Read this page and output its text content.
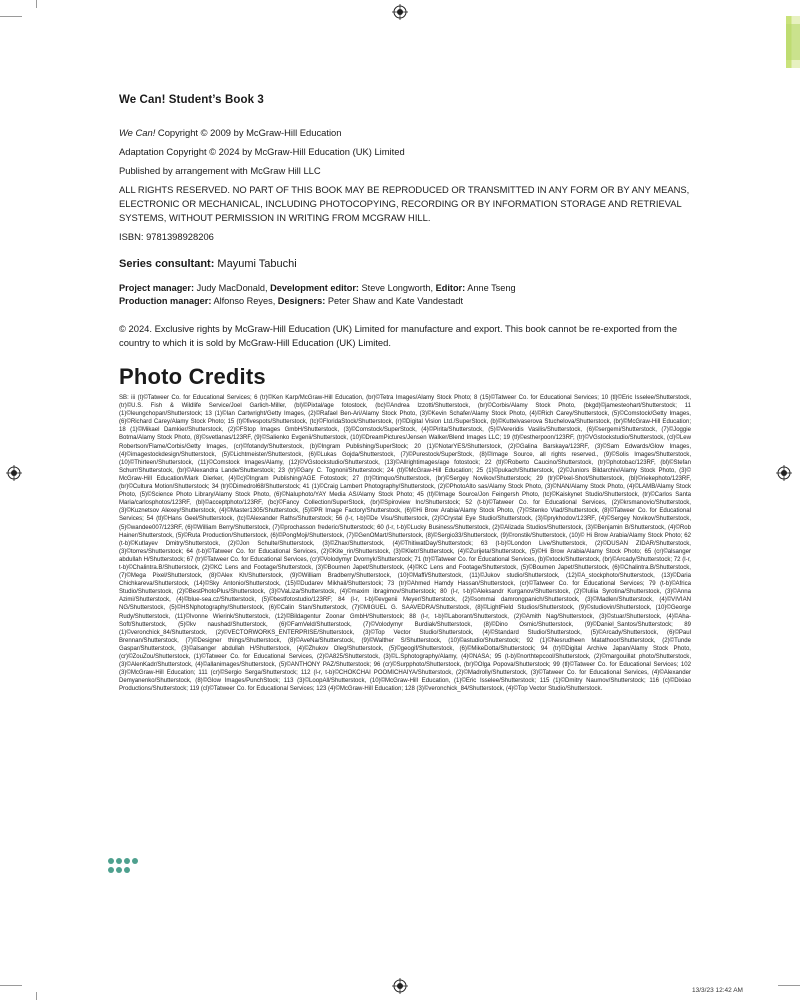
We Can! Student’s Book 3
We Can! Copyright © 2009 by McGraw-Hill Education
Adaptation Copyright © 2024 by McGraw-Hill Education (UK) Limited
Published by arrangement with McGraw Hill LLC
ALL RIGHTS RESERVED. NO PART OF THIS BOOK MAY BE REPRODUCED OR TRANSMITTED IN ANY FORM OR BY ANY MEANS, ELECTRONIC OR MECHANICAL, INCLUDING PHOTOCOPYING, RECORDING OR BY INFORMATION STORAGE AND RETRIEVAL SYSTEMS, WITHOUT PERMISSION IN WRITING FROM MCGRAW HILL.
ISBN: 9781398928206
Series consultant: Mayumi Tabuchi
Project manager: Judy MacDonald, Development editor: Steve Longworth, Editor: Anne Tseng
Production manager: Alfonso Reyes, Designers: Peter Shaw and Kate Vandestadt
© 2024. Exclusive rights by McGraw-Hill Education (UK) Limited for manufacture and export. This book cannot be re-exported from the country to which it is sold by McGraw-Hill Education (UK) Limited.
Photo Credits

SB: iii (t)©Tatweer Co. for Educational Services; 6 (tr)©Ken Karp/McGraw-Hill Education, (br)©Tetra Images/Alamy Stock Photo; 8 (15)©Tatweer Co. for Educational Services; 10 (tl)©Eric Isselee/Shutterstock, (tr)©U.S. Fish & Wildlife Service/Joel Garlich-Miller, (bl)©Pixtal/age fotostock, (bc)©Andrea Izzotti/Shutterstock, (br)©Corbis/Alamy Stock Photo, (bkgd)©jamesteohart/Shutterstock; 11 (1)©leungchopan/Shutterstock; 13 (1)©Ian Cartwright/Getty Images, (2)©Rafael Ben-Ari/Alamy Stock Photo, (3)©Kevin Schafer/Alamy Stock Photo, (4)©Rich Carey/Shutterstock, (5)©Comstock/Getty Images, (6)©Richard Carey/Alamy Stock Photo; 15 (t)©fivespots/Shutterstock, (tc)©FloridaStock/Shutterstock, (r)©Digital Vision Ltd./SuperStock, (b)©Kuttelvaserova Stuchelova/Shutterstock, (br)©McGraw-Hill Education; 18 (1)©Mikael Damkier/Shutterstock, (2)©FStop Images GmbH/Shutterstock, (3)©Comstock/SuperStock, (4)©Pirita/Shutterstock, (5)©Vereridis Vasilis/Shutterstock, (6)©sergemi/Shutterstock, (7)©Joggie Botma/Alamy Stock Photo, (8)©svetlanas/123RF, (9)©Salienko Evgenii/Shutterstock, (10)©DreamPictures/Jensen Walker/Blend Images LLC; 19 (tl)©estherpoon/123RF, (tr)©VGstockstudio/Shutterstock, (cl)©Lew Robertson/Flame/Corbis/Getty Images, (cr)©fotandy/Shutterstock, (b)©Ingram Publishing/SuperStock; 20 (1)©NotarYES/Shutterstock, (2)©Galina Barskaya/123RF, (3)©Sam Edwards/Glow Images, (4)©imagestockdesign/Shutterstock, (5)©Lichtmeister/Shutterstock, (6)©Lukas Gojda/Shutterstock, (7)©Purestock/SuperStock, (8)©Image Source, all rights reserved., (9)©Solis Images/Shutterstock, (10)©Thirteen/Shutterstock, (11)©Comstock Images/Alamy, (12)©VGstockstudio/Shutterstock, (13)©Allrightimages/age fotostock; 22 (tl)©Roberto Caucino/Shutterstock, (tr)©photobac/123RF, (bl)©Stefan Schurr/Shutterstock, (br)©Alexandra Lande/Shutterstock; 23 (tr)©Gary C. Tognoni/Shutterstock; 24 (tl)©McGraw-Hill Education; 25 (1)©pukach/Shutterstock, (2)©Juniors Bildarchiv/Alamy Stock Photo, (3)© McGraw-Hill Education/Mark Dierker, (4)©c)©Ingram Publishing/AGE Fotostock; 27 (tr)©timquo/Shutterstock, (br)©Sergey Novikov/Shutterstock; 29 (tr)©Pixel-Shot/Shutterstock, (bl)©riekephoto/123RF, (br)©Cultura Motion/Shutterstock; 34 (tr)©Dimedrol68/Shutterstock; 41 (1)©Craig Lambert Photography/Shutterstock, (2)©PhotoAlto sas/Alamy Stock Photo, (3)©NAN/Alamy Stock Photo, (4)©LAMB/Alamy Stock Photo, (5)©Science Photo Library/Alamy Stock Photo, (6)©Naluphoto/YAY Media AS/Alamy Stock Photo; 45 (tl)©Image Source/Jon Feingersh Photo, (tc)©Kaiskynet Studio/Shutterstock, (tr)©Carlos Santa Maria/carlosphotos/123RF, (bl)©acceptphoto/123RF, (bc)©Fancy Collection/SuperStock, (br)©Spiroview Inc/Shutterstock; 52 (t-b)©Tatweer Co. for Educational Services, (2)©krsmanovic/Shutterstock, (3)©Kuznetsov Alexey/Shutterstock, (4)©Master1305/Shutterstock, (5)©PR Image Factory/Shutterstock, (6)©Hi Brow Arabia/Alamy Stock Photo, (7)©Stenko Vlad/Shutterstock, (8)©Tatweer Co. for Educational Services; 54 (tl)©Hans Geel/Shutterstock, (tc)©Alexander Raths/Shutterstock; 56 (l-r, t-b)©De Visu/Shutterstock, (2)©Crystal Eye Studio/Shutterstock, (3)©prykhodov/123RF, (4)©Sergey Novikov/Shutterstock, (5)©wandee007/123RF, (6)©William Berry/Shutterstock, (7)©prochasson frederic/Shutterstock; 60 (l-r, t-b)©Lucky Business/Shutterstock, (2)©Alizada Studios/Shutterstock, (3)©Benjamin B/Shutterstock, (4)©Rob Hainer/Shutterstock, (5)©Ruta Production/Shutterstock, (6)©PongMoji/Shutterstock, (7)©GenOMart/Shutterstock, (8)©Sergio33/Shutterstock, (9)©ronstik/Shutterstock, (10)© Hi Brow Arabia/Alamy Stock Photo; 62 (t-b)©Kutlayev Dmitry/Shutterstock, (2)©Jon Schulte/Shutterstock, (3)©Zhax/Shutterstock, (4)©ThitiwatDay/Shutterstock; 63 (t-b)©London Live/Shutterstock, (2)©DUSAN ZIDAR/Shutterstock, (3)©torres/Shutterstock; 64 (t-b)©Tatweer Co. for Educational Services, (2)©Kite_rin/Shutterstock, (3)©Kletr/Shutterstock, (4)©Zurijeta/Shutterstock, (5)©Hi Brow Arabia/Alamy Stock Photo; 65 (cr)©alsanger abdullah H/Shutterstock; 67 (tr)©Tatweer Co. for Educational Services, (cr)©Volodymyr Dvornyk/Shutterstock; 71 (tr)©Tatweer Co. for Educational Services, (b)©xtock/Shutterstock, (br)©Arcady/Shutterstock; 72 (l-r, t-b)©Chalintra.B/Shutterstock, (2)©KC Lens and Footage/Shutterstock, (3)©Boumen Japet/Shutterstock, (4)©KC Lens and Footage/Shutterstock, (5)©Boumen Japet/Shutterstock, (6)©Chalintra.B/Shutterstock, (7)©Mega Pixel/Shutterstock, (8)©Alex Kh/Shutterstock, (9)©William Bradberry/Shutterstock, (10)©Maffi/Shutterstock, (11)©Jukov studio/Shutterstock, (12)©A_stockphoto/Shutterstock, (13)©Daria Chichkareva/Shutterstock, (14)©Sky Antonio/Shutterstock, (15)©Dudarev Mikhail/Shutterstock; 73 (tr)©Ahmed Hamdy Hassan/Shutterstock, (cr)©Tatweer Co. for Educational Services; 79 (t-b)©Africa Studio/Shutterstock, (2)©BestPhotoPlus/Shutterstock, (3)©VaLiza/Shutterstock, (4)©maxim ibragimov/Shutterstock; 80 (l-r, t-b)©Aleksandr Kurganov/Shutterstock, (2)©Iuliia Syrotina/Shutterstock, (3)©Anna Azimi/Shutterstock, (4)©blue-sea.cz/Shutterstock, (5)©bestfotostudio/123RF; 84 (l-r, t-b)©evgenii Meyer/Shutterstock, (2)©sommai damrongpanich/Shutterstock, (3)©Madlen/Shutterstock, (4)©VIVIAN NG/Shutterstock, (5)©HSNphotography/Shutterstock, (6)©Calin Stan/Shutterstock, (7)©MIGUEL G. SAAVEDRA/Shutterstock, (8)©LightField Studios/Shutterstock, (9)©studiovin/Shutterstock, (10)©George Rudy/Shutterstock, (11)©Ivonne Wierink/Shutterstock, (12)©Bildagentur Zoonar GmbH/Shutterstock; 88 (l-r, t-b)©Laborant/Shutterstock, (2)©Amith Nag/Shutterstock, (3)©stuar/Shutterstock, (4)©Aha-Soft/Shutterstock, (5)©kv naushad/Shutterstock, (6)©FamVeld/Shutterstock, (7)©Volodymyr Burdiak/Shutterstock, (8)©Dino Osmic/Shutterstock, (9)©Daniel_Santos/Shutterstock; 89 (1)©veronchick_84/Shutterstock, (2)©VECTORWORKS_ENTERPRISE/Shutterstock, (3)©Top Vector Studio/Shutterstock, (4)©Standard Studio/Shutterstock, (5)©Arcady/Shutterstock, (6)©Paul Brennan/Shutterstock, (7)©Designer things/Shutterstock, (8)©AveNa/Shutterstock, (9)©Walther S/Shutterstock, (10)©astudio/Shutterstock; 92 (1)©Nesrudheen Matathoor/Shutterstock, (2)©Tunde Gaspar/Shutterstock, (3)©alsanger abdullah H/Shutterstock, (4)©Zhukov Oleg/Shutterstock, (5)©geogif/Shutterstock, (6)©MikeDotta/Shutterstock; 94 (tr)©Digital Archive Japan/Alamy Stock Photo, (cr)©ZouZou/Shutterstock, (1)©Tatweer Co. for Educational Services, (2)©A825/Shutterstock, (3)©L.Sphotography/Alamy, (4)©NASA; 95 (t-b)©northtepcool/Shutterstock, (2)©margouillat photo/Shutterstock, (3)©AlenKadr/Shutterstock, (4)©allanimages/Shutterstock, (5)©ANTHONY PAZ/Shutterstock; 96 (cr)©Surpphoto/Shutterstock, (br)©Olga Popova/Shutterstock; 99 (tl)©Tatweer Co. for Educational Services; 102 (3)©McGraw-Hill Education; 111 (cr)©Sergio Serga/Shutterstock; 112 (l-r, t-b)©CHOKCHAI POOMICHAIYA/Shutterstock, (2)©Madrolly/Shutterstock, (3)©Tatweer Co. for Educational Services, (4)©Alexander Demyanenko/Shutterstock, (8)©Glow Images/PunchStock; 113 (3)©LoopAll/Shutterstock, (10)©McGraw-Hill Education, (1)©Eric Isselee/Shutterstock; 115 (1)©Dmitry Naumov/Shutterstock; 116 (c)©Dixiao Productions/Shutterstock; 119 (cl)©Tatweer Co. for Educational Services; 123 (4)©McGraw-Hill Education; 128 (3)©veronchick_84/Shutterstock, (4)©Top Vector Studio/Shutterstock.

13/3/23 12:42 AM
